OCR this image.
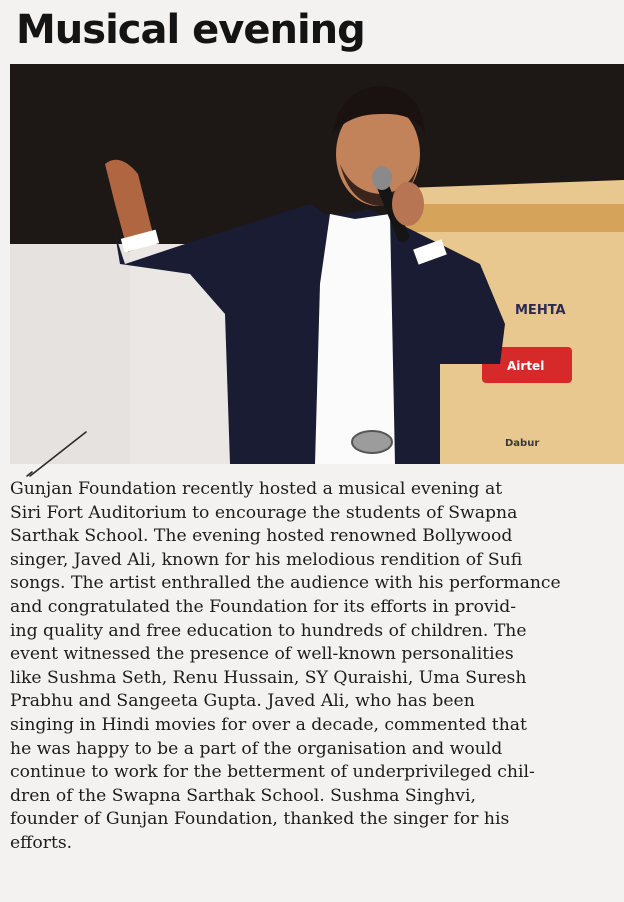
Musical evening
MEHTA
Airtel
Dabur
Gunjan Foundation recently hosted a musical evening at
Siri Fort Auditorium to encourage the students of Swapna
Sarthak School. The evening hosted renowned Bollywood
singer, Javed Ali, known for his melodious rendition of Sufi
songs. The artist enthralled the audience with his performance
and congratulated the Foundation for its efforts in provid-
ing quality and free education to hundreds of children. The
event witnessed the presence of well-known personalities
like Sushma Seth, Renu Hussain, SY Quraishi, Uma Suresh
Prabhu and Sangeeta Gupta. Javed Ali, who has been
singing in Hindi movies for over a decade, commented that
he was happy to be a part of the organisation and would
continue to work for the betterment of underprivileged chil-
dren of the Swapna Sarthak School. Sushma Singhvi,
founder of Gunjan Foundation, thanked the singer for his
efforts.
